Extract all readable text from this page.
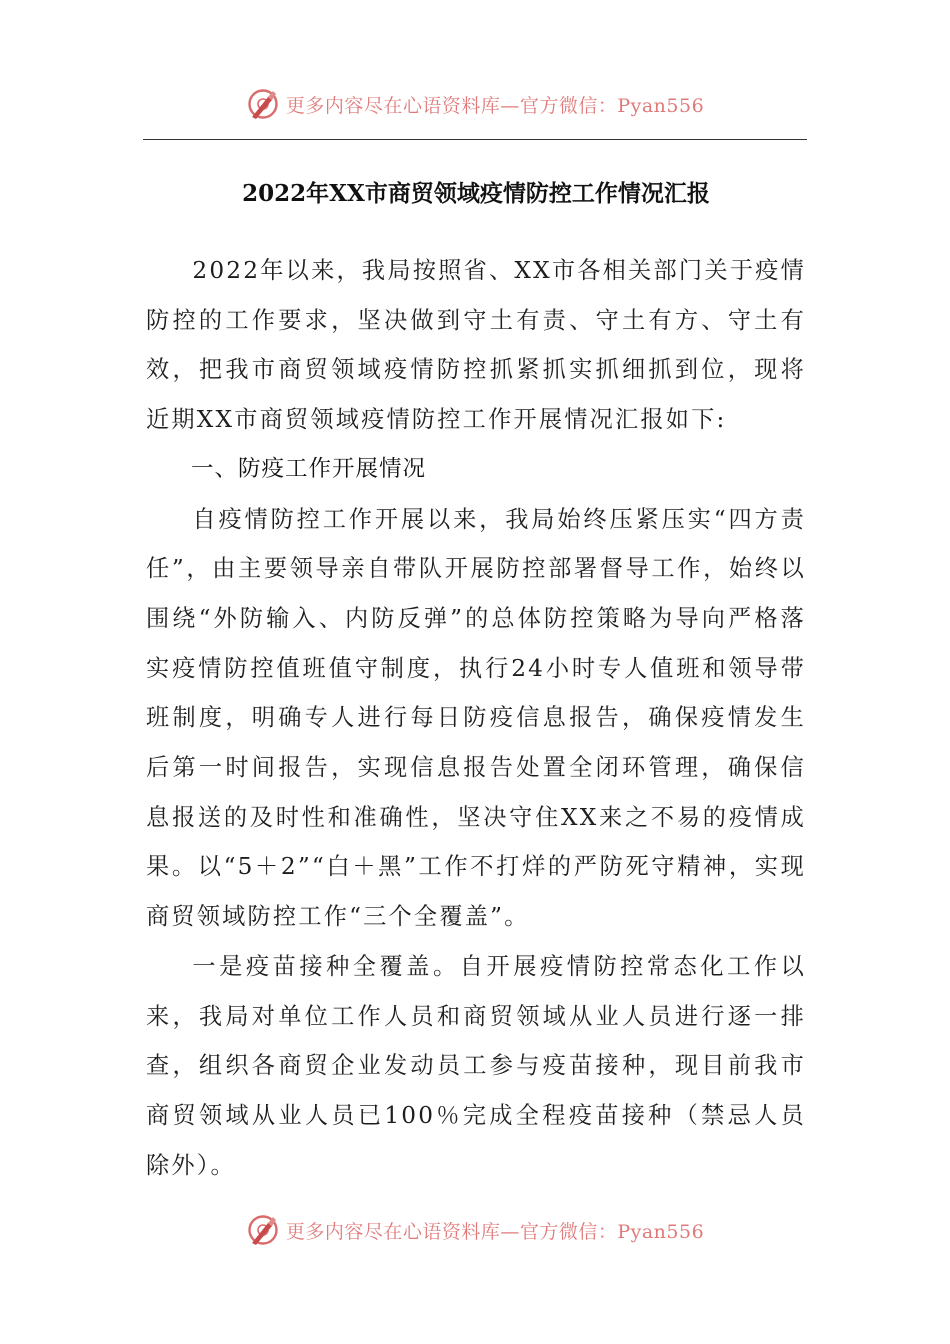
更多内容尽在心语资料库—官方微信：Pyan556
2022年XX市商贸领域疫情防控工作情况汇报

2022年以来，我局按照省、XX市各相关部门关于疫情防控的工作要求，坚决做到守土有责、守土有方、守土有效，把我市商贸领域疫情防控抓紧抓实抓细抓到位，现将近期XX市商贸领域疫情防控工作开展情况汇报如下:

一、防疫工作开展情况

自疫情防控工作开展以来，我局始终压紧压实“四方责任”，由主要领导亲自带队开展防控部署督导工作，始终以围绕“外防输入、内防反弹”的总体防控策略为导向严格落实疫情防控值班值守制度，执行24小时专人值班和领导带班制度，明确专人进行每日防疫信息报告，确保疫情发生后第一时间报告，实现信息报告处置全闭环管理，确保信息报送的及时性和准确性，坚决守住XX来之不易的疫情成果。以“5＋2”“白＋黑”工作不打烊的严防死守精神，实现商贸领域防控工作“三个全覆盖”。

一是疫苗接种全覆盖。自开展疫情防控常态化工作以来，我局对单位工作人员和商贸领域从业人员进行逐一排查，组织各商贸企业发动员工参与疫苗接种，现目前我市商贸领域从业人员已100％完成全程疫苗接种（禁忌人员除外）。

更多内容尽在心语资料库—官方微信：Pyan556
